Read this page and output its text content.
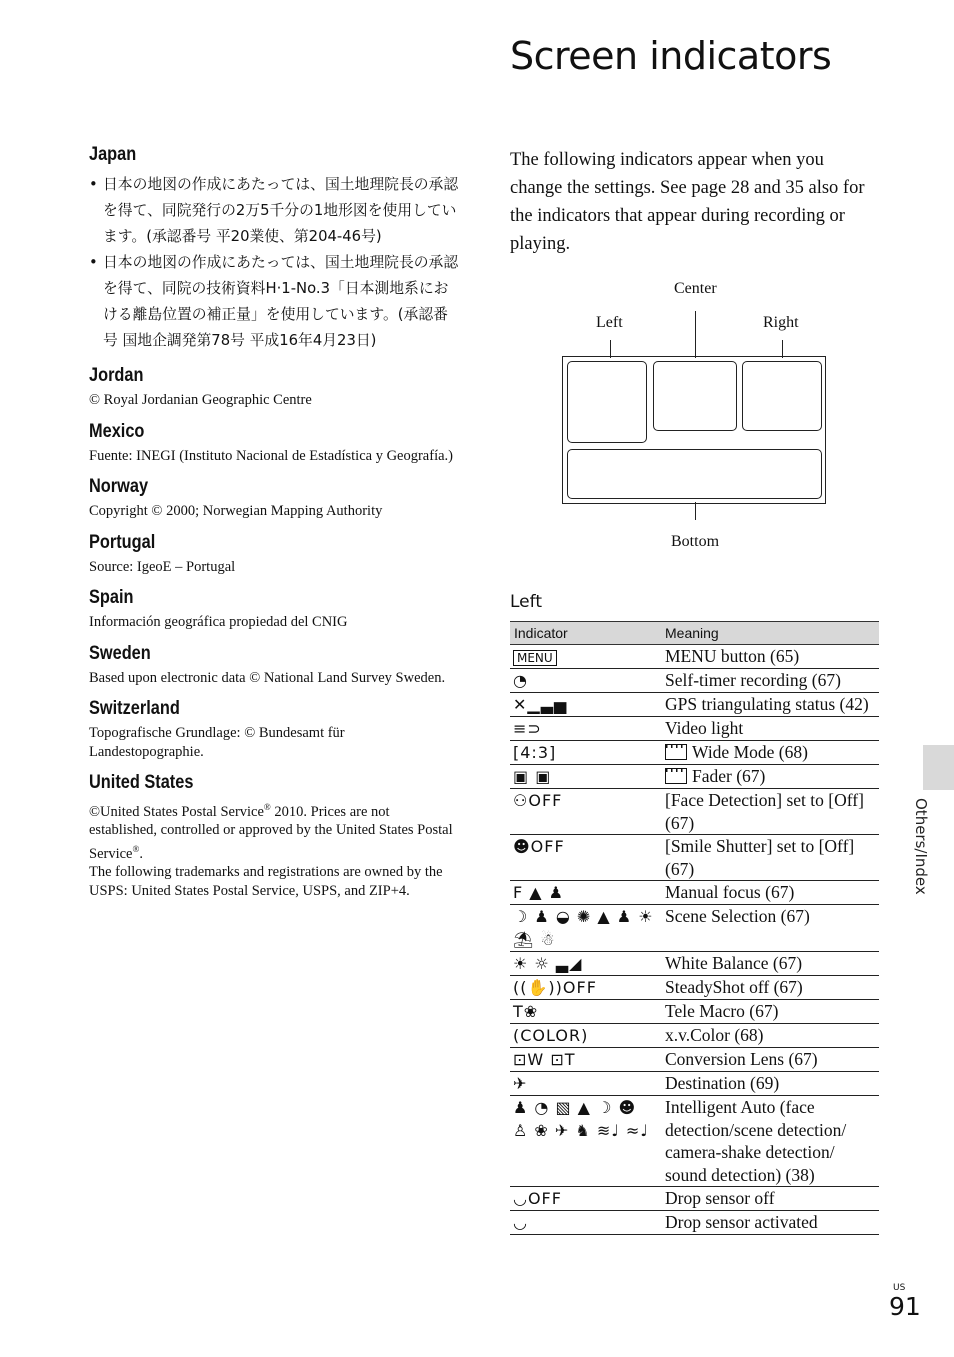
Screen indicators
Japan
• 日本の地図の作成にあたっては、国土地理院長の承認を得て、同院発行の2万5千分の1地形図を使用しています。(承認番号 平20業使、第204-46号)
• 日本の地図の作成にあたっては、国土地理院長の承認を得て、同院の技術資料H·1-No.3「日本測地系における離島位置の補正量」を使用しています。(承認番号 国地企調発第78号 平成16年4月23日)
Jordan

© Royal Jordanian Geographic Centre

Mexico

Fuente: INEGI (Instituto Nacional de Estadística y Geografía.)

Norway

Copyright © 2000; Norwegian Mapping Authority

Portugal

Source: IgeoE – Portugal

Spain

Información geográfica propiedad del CNIG

Sweden

Based upon electronic data © National Land Survey Sweden.

Switzerland

Topografische Grundlage: © Bundesamt für Landestopographie.

United States

©United States Postal Service® 2010. Prices are not established, controlled or approved by the United States Postal Service®.

The following trademarks and registrations are owned by the USPS: United States Postal Service, USPS, and ZIP+4.

The following indicators appear when you change the settings. See page 28 and 35 also for the indicators that appear during recording or playing.

Center
Left	Right
Bottom

Left

Indicator	Meaning
MENU	MENU button (65)
◔	Self-timer recording (67)
✕▁▃▅	GPS triangulating status (42)
≡⊃	Video light
[4:3]	Wide Mode (68)
▣ ▣	Fader (67)
⚇OFF	[Face Detection] set to [Off] (67)
☻OFF	[Smile Shutter] set to [Off] (67)
F ▲ ♟	Manual focus (67)
☽ ♟ ◒ ✺ ▲ ♟ ☀ ⛱ ☃	Scene Selection (67)
☀ ☼ ▃◢	White Balance (67)
((✋))OFF	SteadyShot off (67)
T❀	Tele Macro (67)
(COLOR)	x.v.Color (68)
⊡W ⊡T	Conversion Lens (67)
✈	Destination (69)
♟ ◔ ▧ ▲ ☽ ☻ ♙ ❀ ✈ ♞ ≋♩ ≈♩	Intelligent Auto (face detection/scene detection/ camera-shake detection/ sound detection) (38)
◡OFF	Drop sensor off
◡	Drop sensor activated
Others/Index
US
91
